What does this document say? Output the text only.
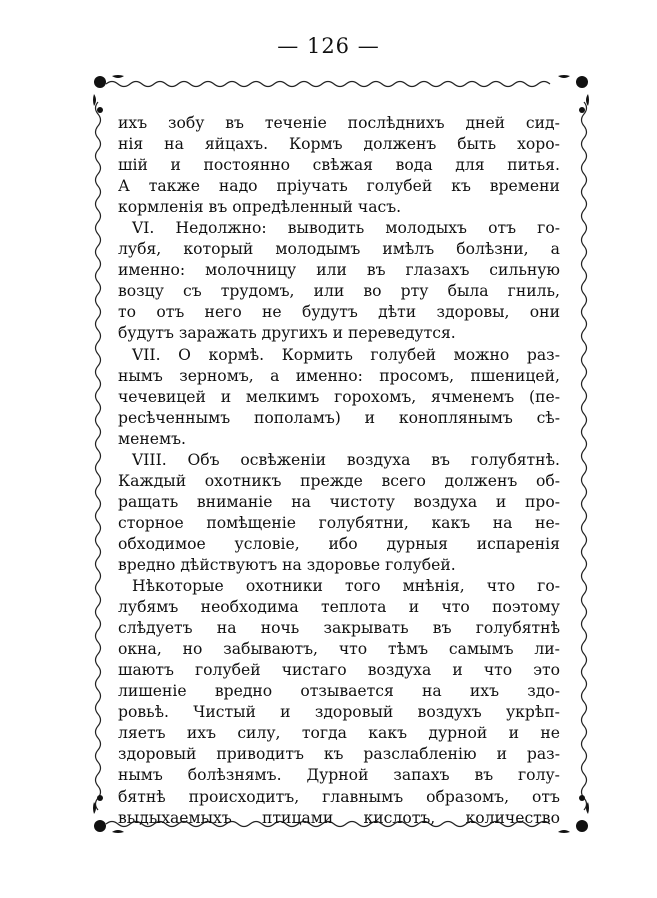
— 126 —
ихъ зобу въ теченіе послѣднихъ дней сид-
нія на яйцахъ. Кормъ долженъ быть хоро-
шій и постоянно свѣжая вода для питья.
А также надо пріучать голубей къ времени
кормленія въ опредѣленный часъ.
VI. Недолжно: выводить молодыхъ отъ го-
лубя, который молодымъ имѣлъ болѣзни, а
именно: молочницу или въ глазахъ сильную
возцу съ трудомъ, или во рту была гниль,
то отъ него не будутъ дѣти здоровы, они
будутъ заражать другихъ и переведутся.
VII. О кормѣ. Кормить голубей можно раз-
нымъ зерномъ, а именно: просомъ, пшеницей,
чечевицей и мелкимъ горохомъ, ячменемъ (пе-
ресѣченнымъ пополамъ) и коноплянымъ сѣ-
менемъ.
VIII. Объ освѣженіи воздуха въ голубятнѣ.
Каждый охотникъ прежде всего долженъ об-
ращать вниманіе на чистоту воздуха и про-
сторное помѣщеніе голубятни, какъ на не-
обходимое условіе, ибо дурныя испаренія
вредно дѣйствуютъ на здоровье голубей.
Нѣкоторые охотники того мнѣнія, что го-
лубямъ необходима теплота и что поэтому
слѣдуетъ на ночь закрывать въ голубятнѣ
окна, но забываютъ, что тѣмъ самымъ ли-
шаютъ голубей чистаго воздуха и что это
лишеніе вредно отзывается на ихъ здо-
ровьѣ. Чистый и здоровый воздухъ укрѣп-
ляетъ ихъ силу, тогда какъ дурной и не
здоровый приводитъ къ разслабленію и раз-
нымъ болѣзнямъ. Дурной запахъ въ голу-
бятнѣ происходитъ, главнымъ образомъ, отъ
выдыхаемыхъ птицами кислотъ, количество
